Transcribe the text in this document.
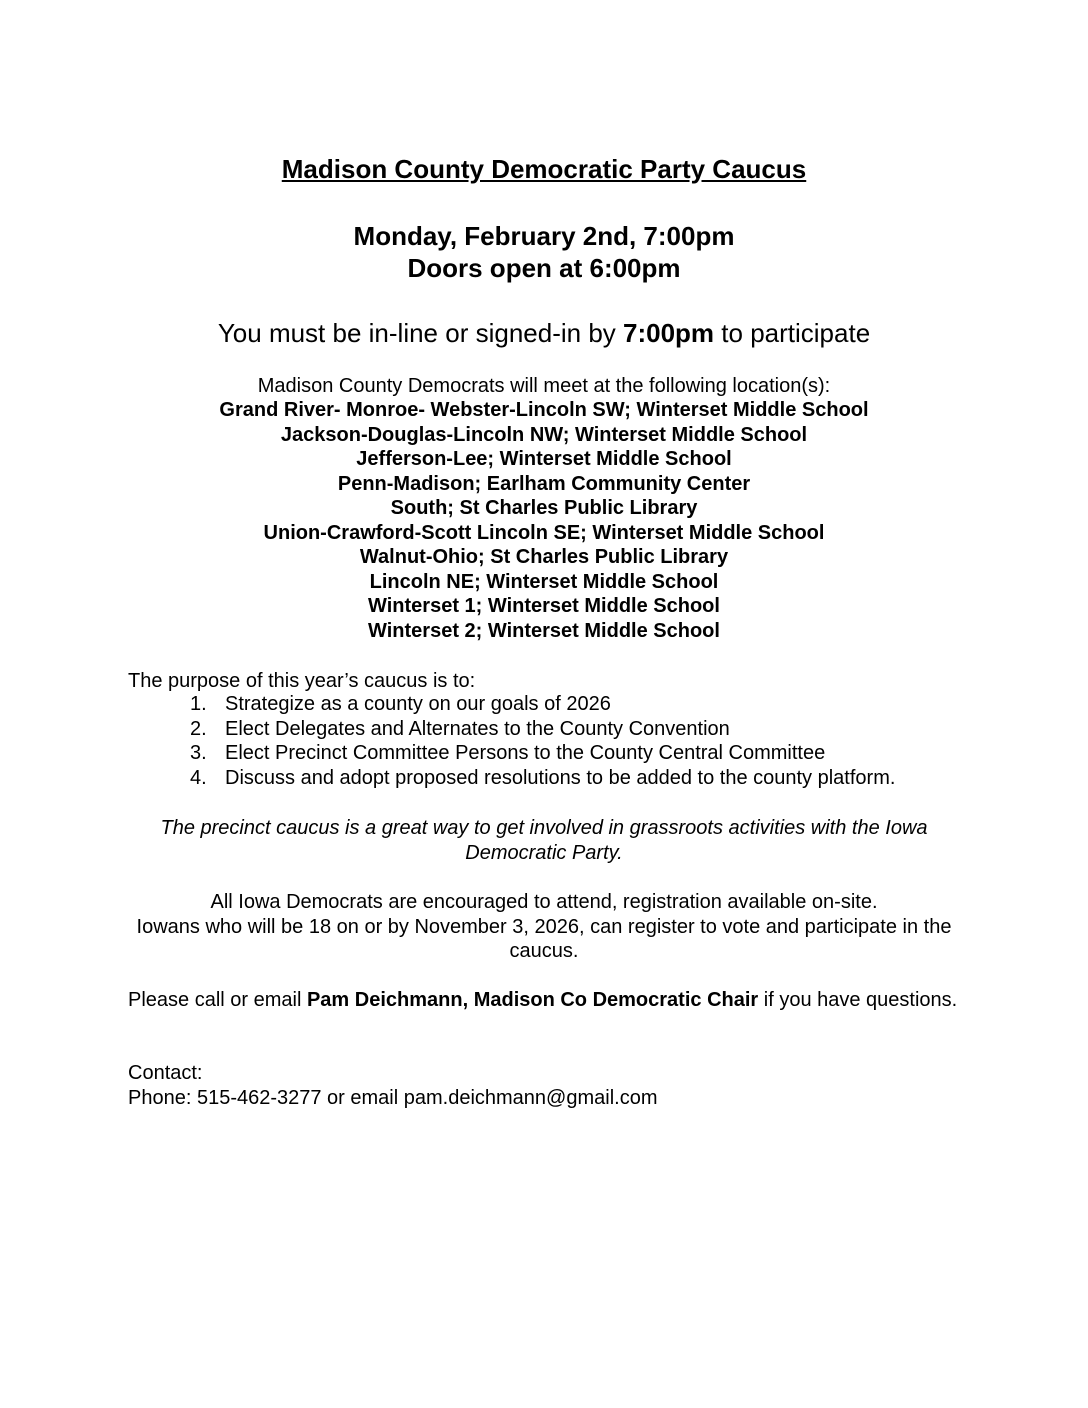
Madison County Democratic Party Caucus
Monday, February 2nd, 7:00pm
Doors open at 6:00pm
You must be in-line or signed-in by 7:00pm to participate
Madison County Democrats will meet at the following location(s):
Grand River- Monroe- Webster-Lincoln SW; Winterset Middle School
Jackson-Douglas-Lincoln NW; Winterset Middle School
Jefferson-Lee; Winterset Middle School
Penn-Madison; Earlham Community Center
South; St Charles Public Library
Union-Crawford-Scott Lincoln SE; Winterset Middle School
Walnut-Ohio; St Charles Public Library
Lincoln NE; Winterset Middle School
Winterset 1; Winterset Middle School
Winterset 2; Winterset Middle School
The purpose of this year’s caucus is to:
1. Strategize as a county on our goals of 2026
2. Elect Delegates and Alternates to the County Convention
3. Elect Precinct Committee Persons to the County Central Committee
4. Discuss and adopt proposed resolutions to be added to the county platform.
The precinct caucus is a great way to get involved in grassroots activities with the Iowa Democratic Party.
All Iowa Democrats are encouraged to attend, registration available on-site.
Iowans who will be 18 on or by November 3, 2026, can register to vote and participate in the caucus.
Please call or email Pam Deichmann, Madison Co Democratic Chair if you have questions.
Contact:
Phone: 515-462-3277 or email pam.deichmann@gmail.com
